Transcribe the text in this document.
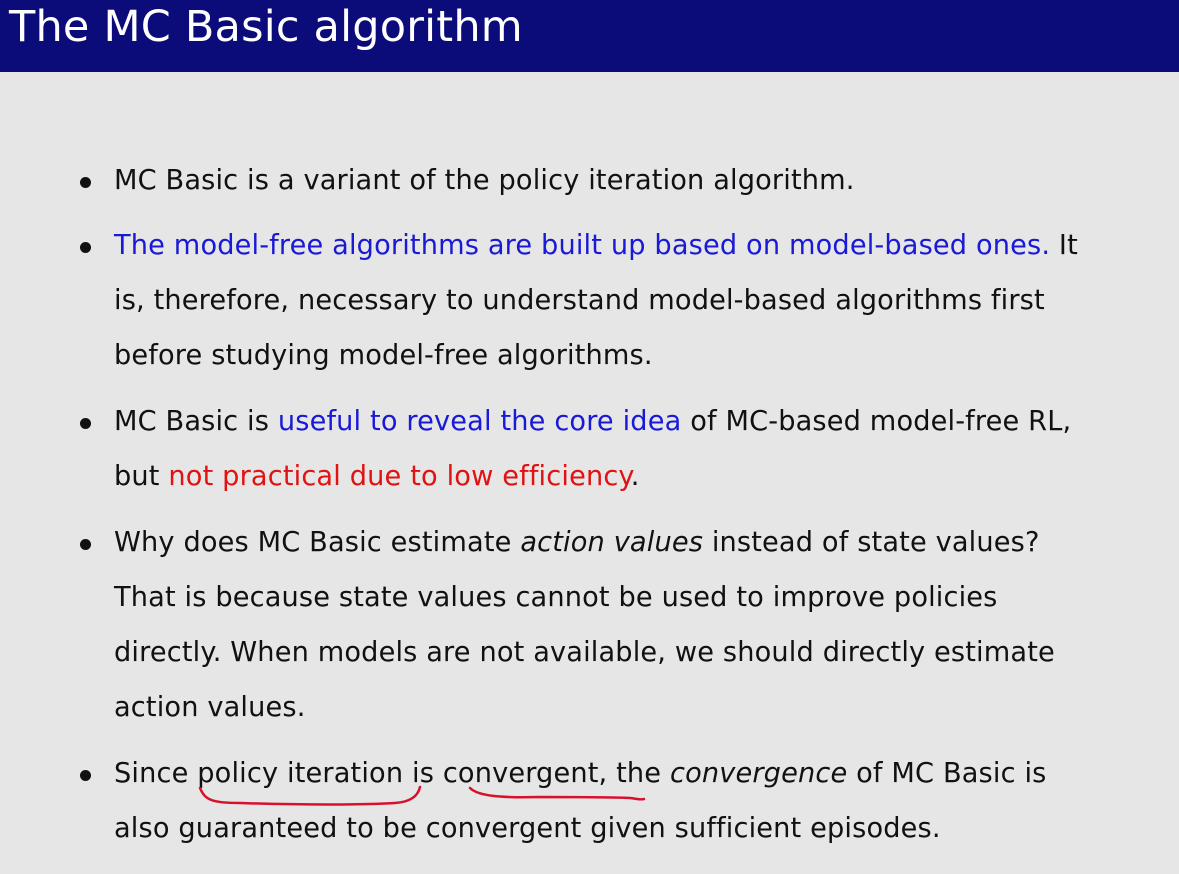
The MC Basic algorithm
MC Basic is a variant of the policy iteration algorithm.
The model-free algorithms are built up based on model-based ones. It
is, therefore, necessary to understand model-based algorithms first
before studying model-free algorithms.
MC Basic is useful to reveal the core idea of MC-based model-free RL,
but not practical due to low efficiency.
Why does MC Basic estimate action values instead of state values?
That is because state values cannot be used to improve policies
directly. When models are not available, we should directly estimate
action values.
Since policy iteration is convergent, the convergence of MC Basic is
also guaranteed to be convergent given sufficient episodes.
